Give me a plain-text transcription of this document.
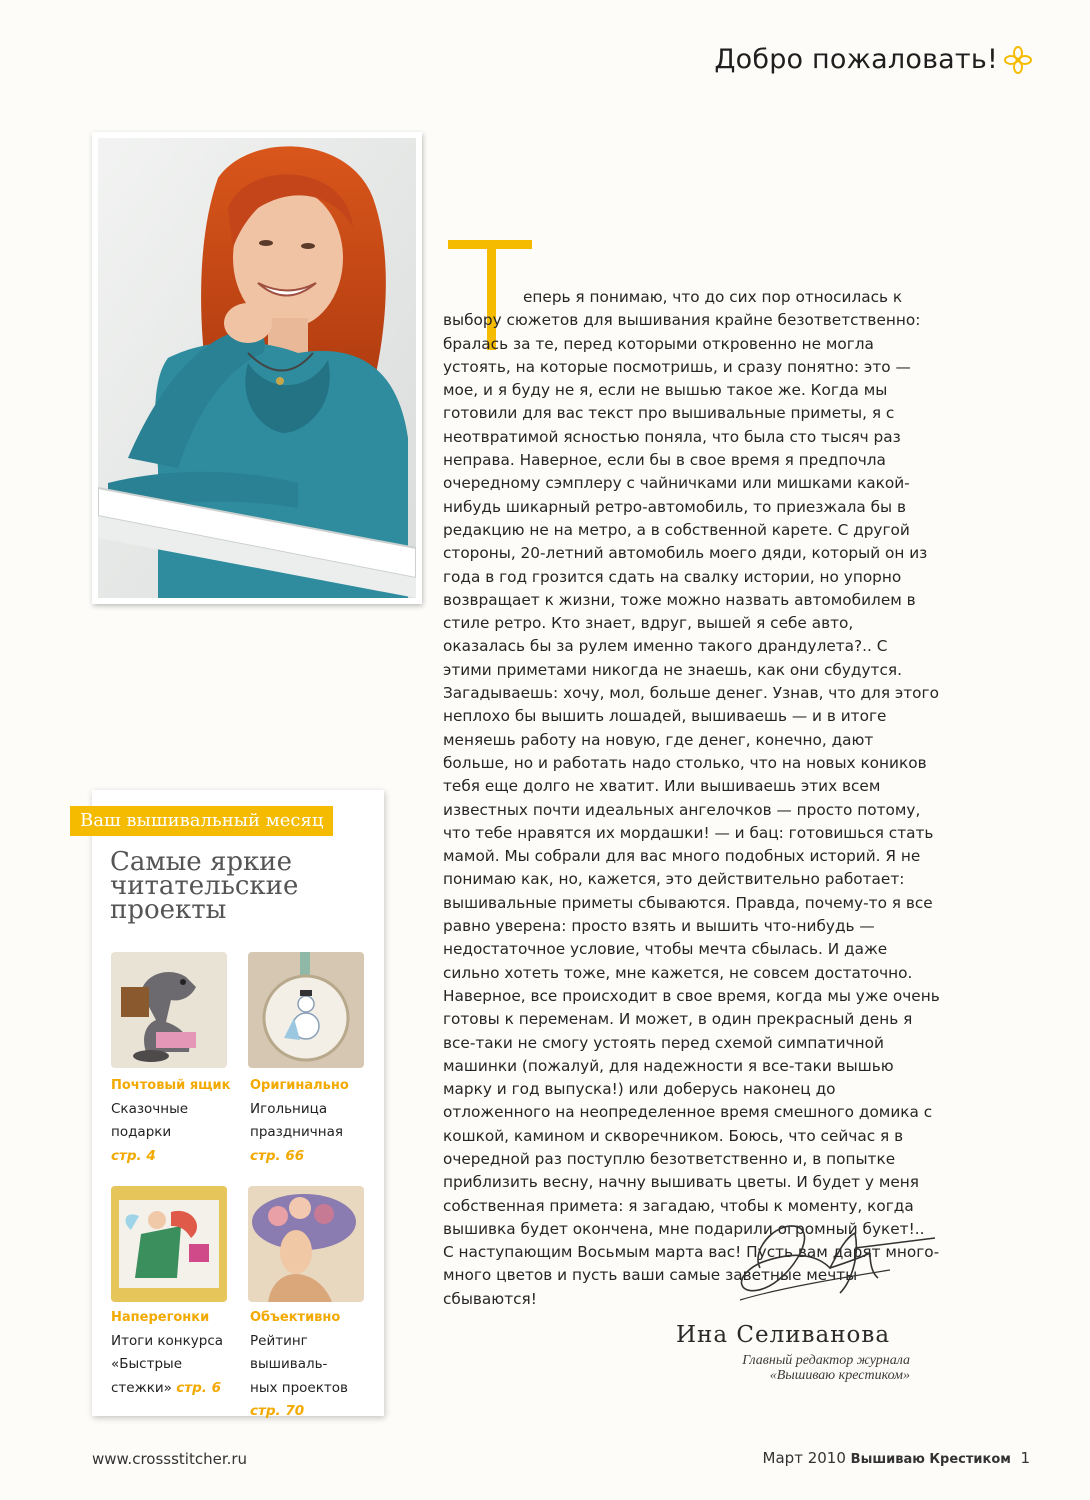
Добро пожаловать!

еперь я понимаю, что до сих пор относилась к выбору сюжетов для вышивания крайне безответственно: бралась за те, перед которыми откровенно не могла устоять, на которые посмотришь, и сразу понятно: это — мое, и я буду не я, если не вышью такое же. Когда мы готовили для вас текст про вышивальные приметы, я с неотвратимой ясностью поняла, что была сто тысяч раз неправа. Наверное, если бы в свое время я предпочла очередному сэмплеру с чайничками или мишками какой-нибудь шикарный ретро-автомобиль, то приезжала бы в редакцию не на метро, а в собственной карете. С другой стороны, 20-летний автомобиль моего дяди, который он из года в год грозится сдать на свалку истории, но упорно возвращает к жизни, тоже можно назвать автомобилем в стиле ретро. Кто знает, вдруг, вышей я себе авто, оказалась бы за рулем именно такого драндулета?.. С этими приметами никогда не знаешь, как они сбудутся. Загадываешь: хочу, мол, больше денег. Узнав, что для этого неплохо бы вышить лошадей, вышиваешь — и в итоге меняешь работу на новую, где денег, конечно, дают больше, но и работать надо столько, что на новых коников тебя еще долго не хватит. Или вышиваешь этих всем известных почти идеальных ангелочков — просто потому, что тебе нравятся их мордашки! — и бац: готовишься стать мамой. Мы собрали для вас много подобных историй. Я не понимаю как, но, кажется, это действительно работает: вышивальные приметы сбываются. Правда, почему-то я все равно уверена: просто взять и вышить что-нибудь — недостаточное условие, чтобы мечта сбылась. И даже сильно хотеть тоже, мне кажется, не совсем достаточно. Наверное, все происходит в свое время, когда мы уже очень готовы к переменам. И может, в один прекрасный день я все-таки не смогу устоять перед схемой симпатичной машинки (пожалуй, для надежности я все-таки вышью марку и год выпуска!) или доберусь наконец до отложенного на неопределенное время смешного домика с кошкой, камином и скворечником. Боюсь, что сейчас я в очередной раз поступлю безответственно и, в попытке приблизить весну, начну вышивать цветы. И будет у меня собственная примета: я загадаю, чтобы к моменту, когда вышивка будет окончена, мне подарили огромный букет!..

С наступающим Восьмым марта вас! Пусть вам дарят много-много цветов и пусть ваши самые заветные мечты сбываются!

Ина Селиванова
Главный редактор журнала
«Вышиваю крестиком»
Ваш вышивальный месяц
Самые яркие
читательские
проекты
Почтовый ящик
Сказочные
подарки
стр. 4
Оригинально
Игольница
праздничная
стр. 66
Наперегонки
Итоги конкурса
«Быстрые
стежки» стр. 6
Объективно
Рейтинг вышиваль-
ных проектов
стр. 70
www.crossstitcher.ru	Март 2010 Вышиваю Крестиком 1
